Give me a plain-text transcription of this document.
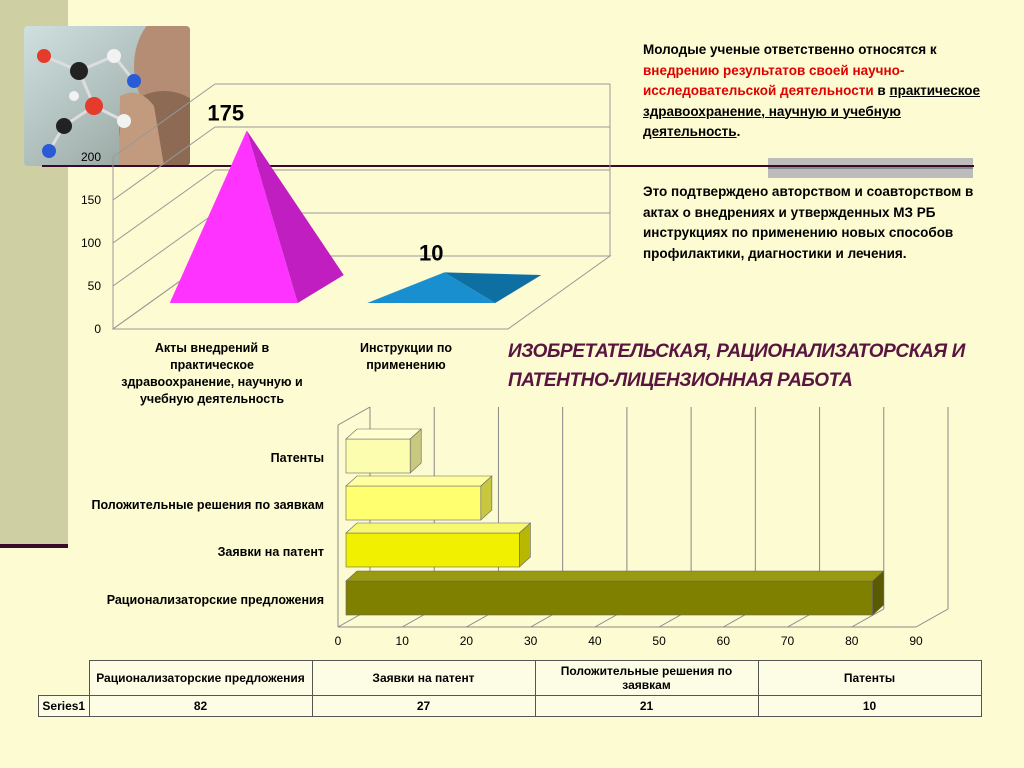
Молодые ученые ответственно относятся к внедрению результатов своей научно-исследовательской деятельности в практическое здравоохранение, научную и учебную деятельность.
Это подтверждено авторством и соавторством в актах о внедрениях и утвержденных МЗ РБ инструкциях по применению новых способов профилактики, диагностики и лечения.
ИЗОБРЕТАТЕЛЬСКАЯ, РАЦИОНАЛИЗАТОРСКАЯ И ПАТЕНТНО-ЛИЦЕНЗИОННАЯ РАБОТА
0
50
100
150
200
175
10
Акты внедрений в практическое здравоохранение, научную и учебную деятельность
Инструкции по применению
0	10	20	30	40	50	60	70	80	90
Патенты
Положительные решения по заявкам
Заявки на патент
Рационализаторские предложения
	Рационализаторские предложения	Заявки на патент	Положительные решения по заявкам	Патенты
Series1	82	27	21	10
